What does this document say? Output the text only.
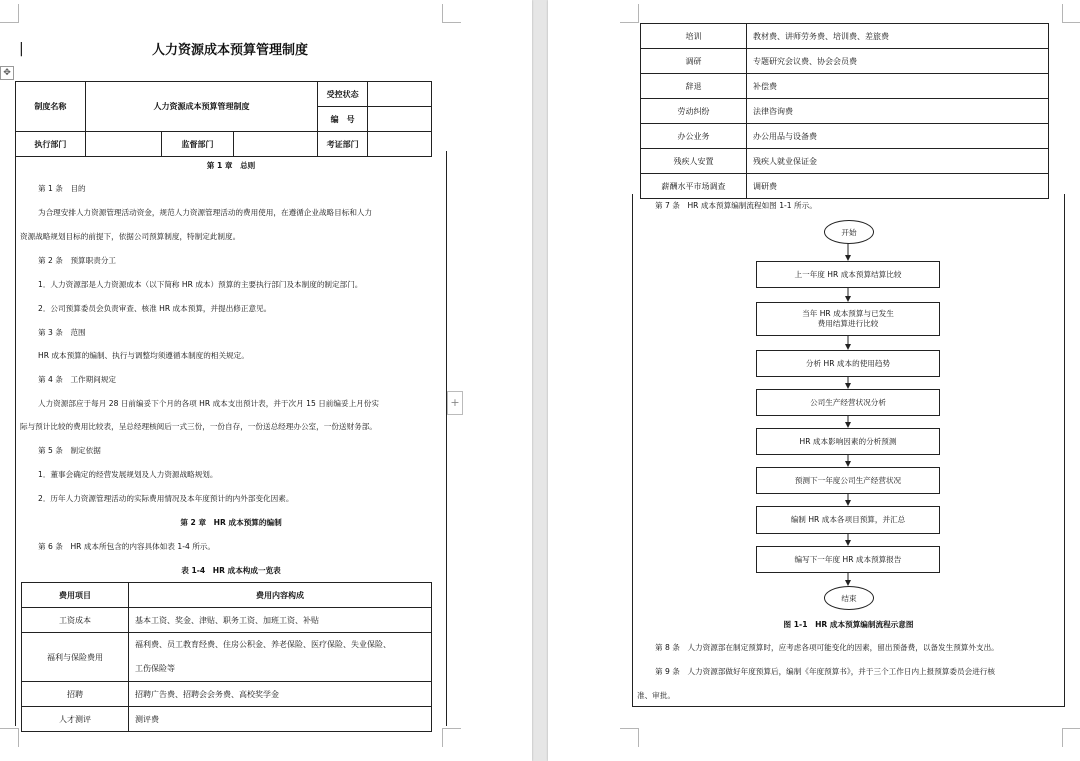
|
✥
人力资源成本预算管理制度
制度名称	人力资源成本预算管理制度			受控状态	
				编　号	
执行部门		监督部门		考证部门	
第 1 章　总则
第 1 条　目的
为合理安排人力资源管理活动资金，规范人力资源管理活动的费用使用，在遵循企业战略目标和人力
资源战略规划目标的前提下，依据公司预算制度，特制定此制度。
第 2 条　预算职责分工
1．人力资源部是人力资源成本（以下简称 HR 成本）预算的主要执行部门及本制度的制定部门。
2．公司预算委员会负责审查、核准 HR 成本预算，并提出修正意见。
第 3 条　范围
HR 成本预算的编制、执行与调整均须遵循本制度的相关规定。
第 4 条　工作期间规定
人力资源部应于每月 28 日前编妥下个月的各项 HR 成本支出预计表，并于次月 15 日前编妥上月份实
际与预计比较的费用比较表，呈总经理核阅后一式三份，一份自存，一份送总经理办公室，一份送财务部。
第 5 条　制定依据
1．董事会确定的经营发展规划及人力资源战略规划。
2．历年人力资源管理活动的实际费用情况及本年度预计的内外部变化因素。
第 2 章　HR 成本预算的编制
第 6 条　HR 成本所包含的内容具体如表 1-4 所示。
表 1-4　HR 成本构成一览表
费用项目	费用内容构成
工资成本	基本工资、奖金、津贴、职务工资、加班工资、补贴
福利与保险费用	福利费、员工教育经费、住房公积金、养老保险、医疗保险、失业保险、
工伤保险等

招聘	招聘广告费、招聘会会务费、高校奖学金
人才测评	测评费
+
培训	教材费、讲师劳务费、培训费、差旅费
调研	专题研究会议费、协会会员费
辞退	补偿费
劳动纠纷	法律咨询费
办公业务	办公用品与设备费
残疾人安置	残疾人就业保证金
薪酬水平市场调查	调研费
第 7 条　HR 成本预算编制流程如图 1-1 所示。
开始
上一年度 HR 成本预算结算比较
当年 HR 成本预算与已发生
费用结算进行比较
分析 HR 成本的使用趋势
公司生产经营状况分析
HR 成本影响因素的分析预测
预测下一年度公司生产经营状况
编制 HR 成本各项目预算，并汇总
编写下一年度 HR 成本预算报告
结束
图 1-1　HR 成本预算编制流程示意图
第 8 条　人力资源部在制定预算时，应考虑各项可能变化的因素，留出预备费，以备发生预算外支出。
第 9 条　人力资源部做好年度预算后，编制《年度预算书》，并于三个工作日内上报预算委员会进行核
准、审批。
